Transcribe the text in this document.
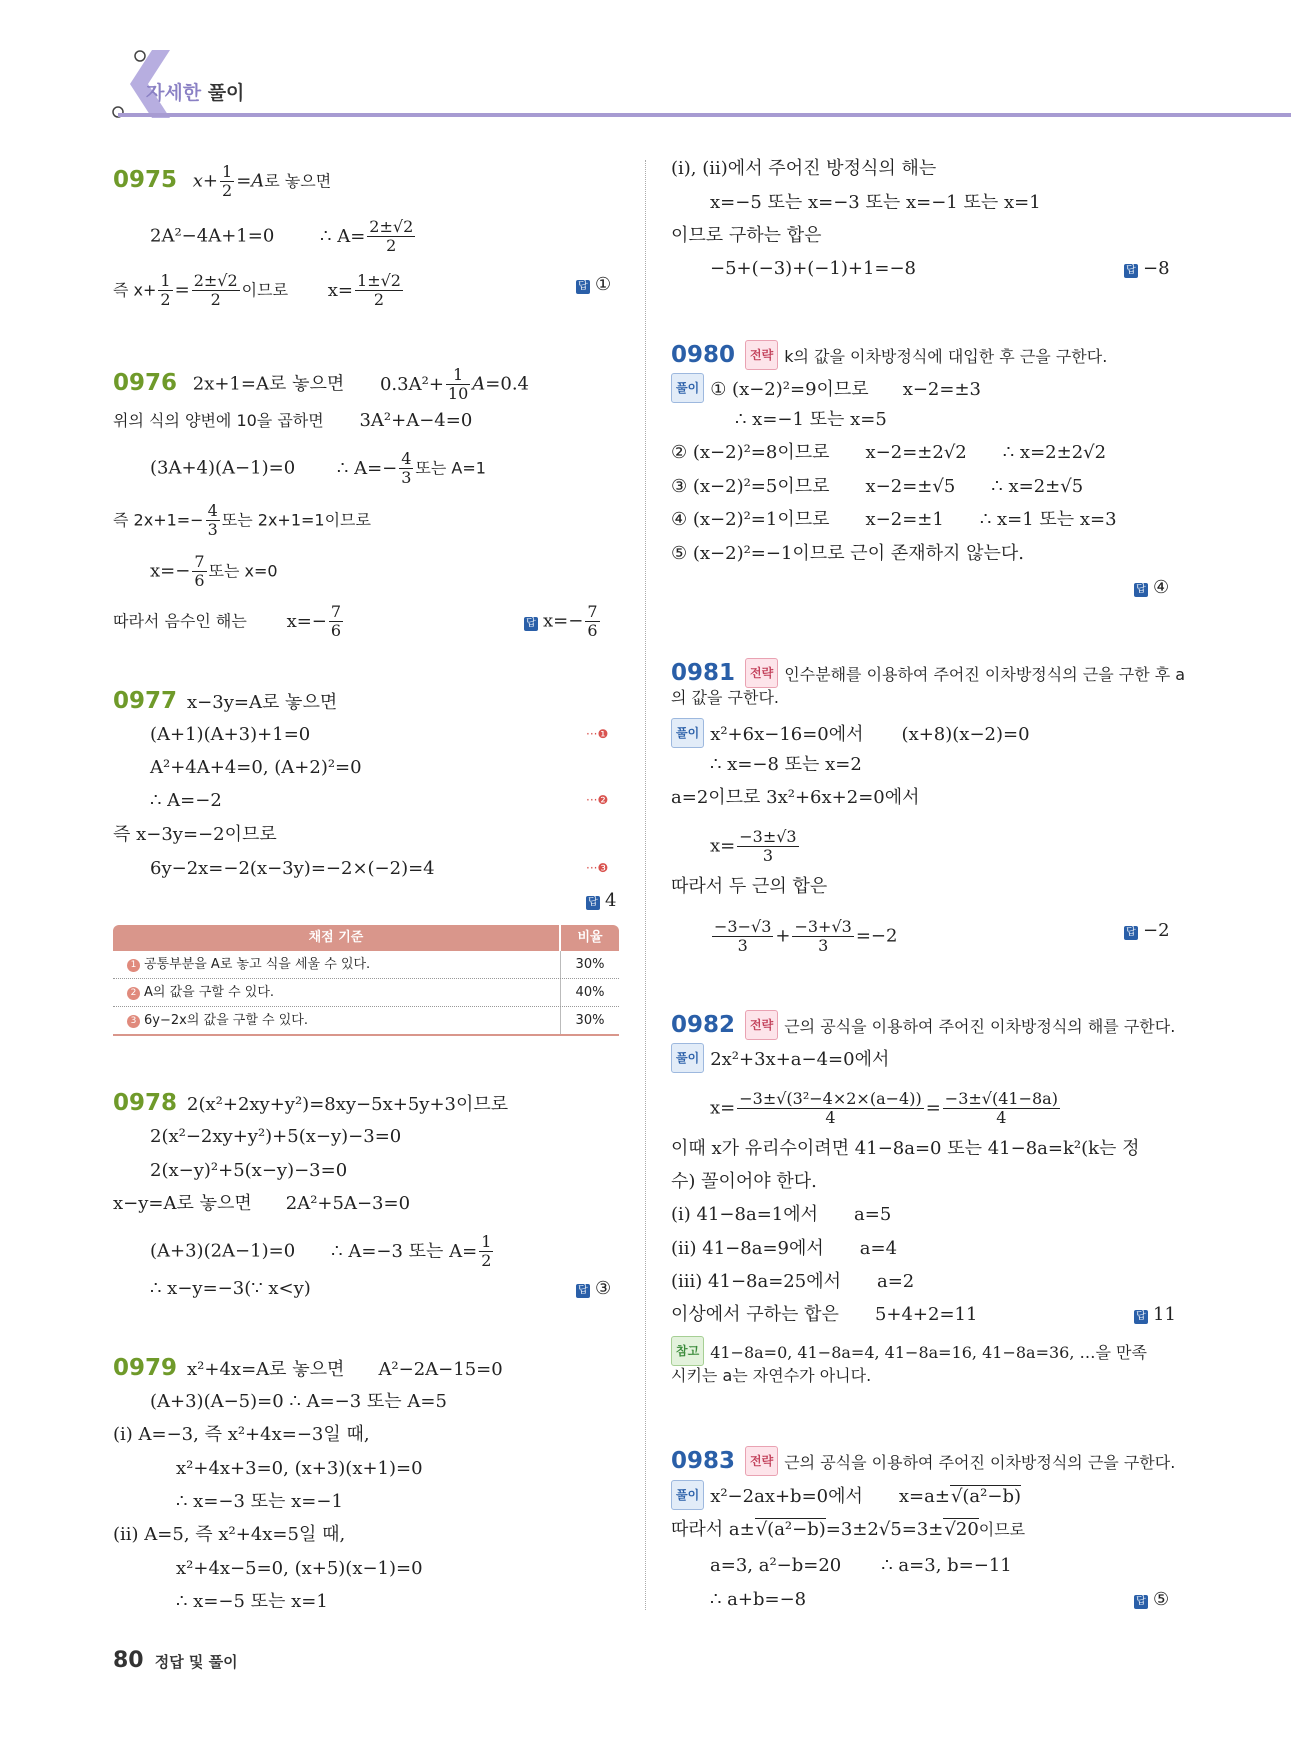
자세한 풀이
0975 $x+ \frac{1}{2} =A$로 놓으면
2A²−4A+1=0	∴ $A= \frac{2\pm√2}{2}$
즉 $x+ \frac{1}{2} = \frac{2\pm√2}{2}$ 이므로 $x= \frac{1\pm√2}{2}$	답 ①
0976 2x+1=A로 놓으면 $0.3A^2+ \frac{1}{10} A=0.4$
위의 식의 양변에 10을 곱하면 3A²+A−4=0
(3A+4)(A−1)=0 ∴ $A=- \frac{4}{3}$ 또는 A=1
즉 $2x+1=- \frac{4}{3}$ 또는 2x+1=1이므로
$x=- \frac{7}{6}$ 또는 x=0
따라서 음수인 해는 $x=- \frac{7}{6}$	답 $x=- \frac{7}{6}$
0977 x−3y=A로 놓으면
(A+1)(A+3)+1=0	···❶
A²+4A+4=0, (A+2)²=0
∴ A=−2	···❷
즉 x−3y=−2이므로
6y−2x=−2(x−3y)=−2×(−2)=4	···❸
답 4
채점 기준	비율
1 공통부분을 A로 놓고 식을 세울 수 있다.	30%
2 A의 값을 구할 수 있다.	40%
3 6y−2x의 값을 구할 수 있다.	30%
0978 2(x²+2xy+y²)=8xy−5x+5y+3이므로
2(x²−2xy+y²)+5(x−y)−3=0
2(x−y)²+5(x−y)−3=0
x−y=A로 놓으면 2A²+5A−3=0
(A+3)(2A−1)=0 ∴ A=−3 또는 $A= \frac{1}{2}$
∴ x−y=−3(∵ x<y)	답 ③
0979 x²+4x=A로 놓으면 A²−2A−15=0
(A+3)(A−5)=0 ∴ A=−3 또는 A=5
(i) A=−3, 즉 x²+4x=−3일 때,
x²+4x+3=0, (x+3)(x+1)=0
∴ x=−3 또는 x=−1
(ii) A=5, 즉 x²+4x=5일 때,
x²+4x−5=0, (x+5)(x−1)=0
∴ x=−5 또는 x=1
(i), (ii)에서 주어진 방정식의 해는
x=−5 또는 x=−3 또는 x=−1 또는 x=1
이므로 구하는 합은
−5+(−3)+(−1)+1=−8	답 −8
0980 전략 k의 값을 이차방정식에 대입한 후 근을 구한다.
풀이 ① (x−2)²=9이므로 x−2=±3
∴ x=−1 또는 x=5
② (x−2)²=8이므로 x−2=±2√2 ∴ x=2±2√2
③ (x−2)²=5이므로 x−2=±√5 ∴ x=2±√5
④ (x−2)²=1이므로 x−2=±1 ∴ x=1 또는 x=3
⑤ (x−2)²=−1이므로 근이 존재하지 않는다.
답 ④
0981 전략 인수분해를 이용하여 주어진 이차방정식의 근을 구한 후 a
의 값을 구한다.
풀이 x²+6x−16=0에서 (x+8)(x−2)=0
∴ x=−8 또는 x=2
a=2이므로 3x²+6x+2=0에서
$x= \frac{-3\pm√3}{3}$
따라서 두 근의 합은
$\frac{-3-√3}{3} + \frac{-3+√3}{3} =-2$	답 −2
0982 전략 근의 공식을 이용하여 주어진 이차방정식의 해를 구한다.
풀이 2x²+3x+a−4=0에서
$x= \frac{\text{−3±√(3²−4×2×(a−4))}}{4} = \frac{-3\pm√(41-8a)}{4}$
이때 x가 유리수이려면 41−8a=0 또는 41−8a=k²(k는 정
수) 꼴이어야 한다.
(i) 41−8a=1에서 a=5
(ii) 41−8a=9에서 a=4
(iii) 41−8a=25에서 a=2
이상에서 구하는 합은 5+4+2=11	답 11
참고 41−8a=0, 41−8a=4, 41−8a=16, 41−8a=36, …을 만족
시키는 a는 자연수가 아니다.
0983 전략 근의 공식을 이용하여 주어진 이차방정식의 근을 구한다.
풀이 x²−2ax+b=0에서 x=a±√(a²−b)
따라서 a±√(a²−b)=3±2√5=3±√20이므로
a=3, a²−b=20 ∴ a=3, b=−11
∴ a+b=−8	답 ⑤
80 정답 및 풀이
